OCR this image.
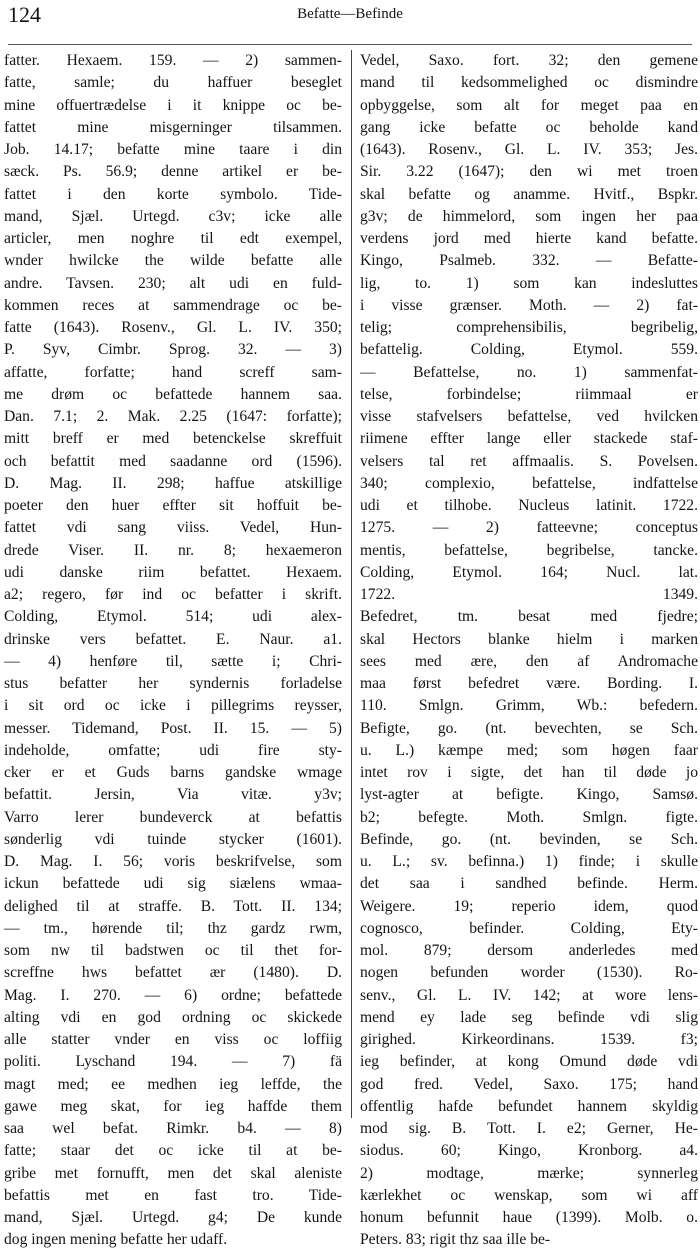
124	Befatte—Befinde
fatter. Hexaem. 159. — 2) sammen-
fatte, samle; du haffuer beseglet
mine offuertrædelse i it knippe oc be-
fattet mine misgerninger tilsammen.
Job. 14.17; befatte mine taare i din
sæck. Ps. 56.9; denne artikel er be-
fattet i den korte symbolo. Tide-
mand, Sjæl. Urtegd. c3v; icke alle
articler, men noghre til edt exempel,
wnder hwilcke the wilde befatte alle
andre. Tavsen. 230; alt udi en fuld-
kommen reces at sammendrage oc be-
fatte (1643). Rosenv., Gl. L. IV. 350;
P. Syv, Cimbr. Sprog. 32. — 3)
affatte, forfatte; hand screff sam-
me drøm oc befattede hannem saa.
Dan. 7.1; 2. Mak. 2.25 (1647: forfatte);
mitt breff er med betenckelse skreffuit
och befattit med saadanne ord (1596).
D. Mag. II. 298; haffue atskillige
poeter den huer effter sit hoffuit be-
fattet vdi sang viiss. Vedel, Hun-
drede Viser. II. nr. 8; hexaemeron
udi danske riim befattet. Hexaem.
a2; regero, før ind oc befatter i skrift.
Colding, Etymol. 514; udi alex-
drinske vers befattet. E. Naur. a1.
— 4) henføre til, sætte i; Chri-
stus befatter her syndernis forladelse
i sit ord oc icke i pillegrims reysser,
messer. Tidemand, Post. II. 15. — 5)
indeholde, omfatte; udi fire sty-
cker er et Guds barns gandske wmage
befattit. Jersin, Via vitæ. y3v;
Varro lerer bundeverck at befattis
sønderlig vdi tuinde stycker (1601).
D. Mag. I. 56; voris beskrifvelse, som
ickun befattede udi sig siælens wmaa-
delighed til at straffe. B. Tott. II. 134;
— tm., hørende til; thz gardz rwm,
som nw til badstwen oc til thet for-
screffne hws befattet ær (1480). D.
Mag. I. 270. — 6) ordne; befattede
alting vdi en god ordning oc skickede
alle statter vnder en viss oc loffiig
politi. Lyschand 194. — 7) fä
magt med; ee medhen ieg leffde, the
gawe meg skat, for ieg haffde them
saa wel befat. Rimkr. b4. — 8)
fatte; staar det oc icke til at be-
gribe met fornufft, men det skal aleniste
befattis met en fast tro. Tide-
mand, Sjæl. Urtegd. g4; De kunde
dog ingen mening befatte her udaff.
Vedel, Saxo. fort. 32; den gemene
mand til kedsommelighed oc dismindre
opbyggelse, som alt for meget paa en
gang icke befatte oc beholde kand
(1643). Rosenv., Gl. L. IV. 353; Jes.
Sir. 3.22 (1647); den wi met troen
skal befatte og anamme. Hvitf., Bspkr.
g3v; de himmelord, som ingen her paa
verdens jord med hierte kand befatte.
Kingo, Psalmeb. 332. — Befatte-
lig, to. 1) som kan indesluttes
i visse grænser. Moth. — 2) fat-
telig; comprehensibilis, begribelig,
befattelig. Colding, Etymol. 559.
— Befattelse, no. 1) sammenfat-
telse, forbindelse; riimmaal er
visse stafvelsers befattelse, ved hvilcken
riimene effter lange eller stackede staf-
velsers tal ret affmaalis. S. Povelsen.
340; complexio, befattelse, indfattelse
udi et tilhobe. Nucleus latinit. 1722.
1275. — 2) fatteevne; conceptus
mentis, befattelse, begribelse, tancke.
Colding, Etymol. 164; Nucl. lat.
1722. 1349.
Befedret, tm. besat med fjedre;
skal Hectors blanke hielm i marken
sees med ære, den af Andromache
maa først befedret være. Bording. I.
110. Smlgn. Grimm, Wb.: befedern.
Befigte, go. (nt. bevechten, se Sch.
u. L.) kæmpe med; som høgen faar
intet rov i sigte, det han til døde jo
lyst-agter at befigte. Kingo, Samsø.
b2; befegte. Moth. Smlgn. figte.
Befinde, go. (nt. bevinden, se Sch.
u. L.; sv. befinna.) 1) finde; i skulle
det saa i sandhed befinde. Herm.
Weigere. 19; reperio idem, quod
cognosco, befinder. Colding, Ety-
mol. 879; dersom anderledes med
nogen befunden worder (1530). Ro-
senv., Gl. L. IV. 142; at wore lens-
mend ey lade seg befinde vdi slig
girighed. Kirkeordinans. 1539. f3;
ieg befinder, at kong Omund døde vdi
god fred. Vedel, Saxo. 175; hand
offentlig hafde befundet hannem skyldig
mod sig. B. Tott. I. e2; Gerner, He-
siodus. 60; Kingo, Kronborg. a4.
2) modtage, mærke; synnerleg
kærlekhet oc wenskap, som wi aff
honum befunnit haue (1399). Molb. o.
Peters. 83; rigit thz saa ille be-
